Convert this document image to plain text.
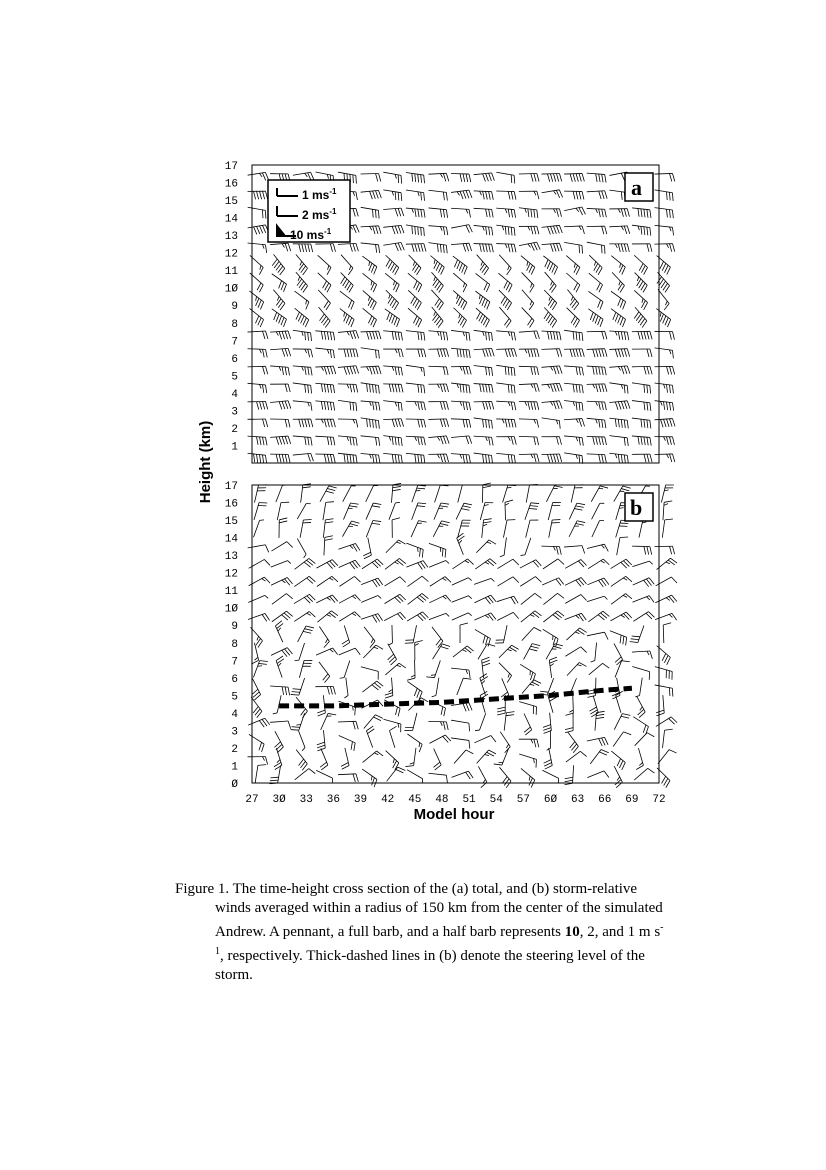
1
2
3
4
5
6
7
8
9
1Ø
11
12
13
14
15
16
17
1 $ms^{-1}$
2 $ms^{-1}$
10 $ms^{-1}$
a
Ø
1
2
3
4
5
6
7
8
9
1Ø
11
12
13
14
15
16
17
b
27 3Ø 33 36 39 42 45 48 51 54 57 6Ø 63 66 69 72
Model hour
Height (km)
Figure 1. The time-height cross section of the (a) total, and (b) storm-relative
winds averaged within a radius of 150 km from the center of the simulated
Andrew. A pennant, a full barb, and a half barb represents 10, 2, and 1 m s-
$^1$, respectively. Thick-dashed lines in (b) denote the steering level of the
storm.
